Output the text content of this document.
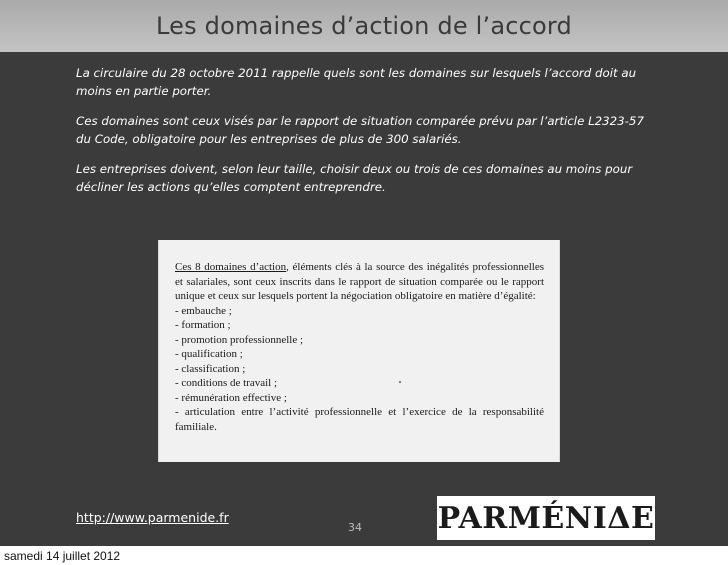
Les domaines d’action de l’accord

La circulaire du 28 octobre 2011 rappelle quels sont les domaines sur lesquels l’accord doit au moins en partie porter.

Ces domaines sont ceux visés par le rapport de situation comparée prévu par l’article L2323-57 du Code, obligatoire pour les entreprises de plus de 300 salariés.

Les entreprises doivent, selon leur taille, choisir deux ou trois de ces domaines au moins pour décliner les actions qu’elles comptent entreprendre.

Ces 8 domaines d’action, éléments clés à la source des inégalités professionnelles et salariales, sont ceux inscrits dans le rapport de situation comparée ou le rapport unique et ceux sur lesquels portent la négociation obligatoire en matière d’égalité:

- embauche ;
- formation ;
- promotion professionnelle ;
- qualification ;
- classification ;
- conditions de travail ;
- rémunération effective ;
- articulation entre l’activité professionnelle et l’exercice de la responsabilité familiale.
http://www.parmenide.fr
34	PARMÉNIΔE
samedi 14 juillet 2012
